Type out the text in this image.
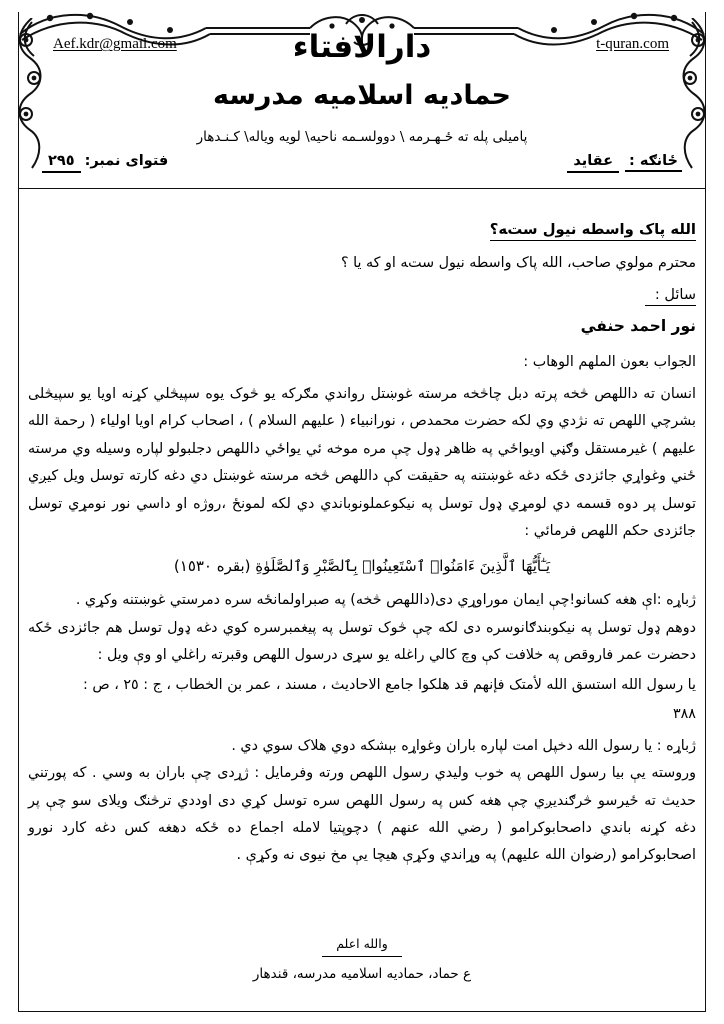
Aef.kdr@gmail.com	t-quran.com
دارالافتاء
حماديه اسلاميه مدرسه
پاميلی پله ته ځـهـرمه \ دوولسـمه ناحيه\ لويه وياله\ كـنـدهار
ځانګه :
عقايد
فتواى نمبر:
٢٩٥
الله پاک واسطه نيول ستﻪ؟
محترم مولوي صاحب، الله پاک واسطه نيول ستﻪ او که يا ؟
سائل :
نور احمد حنفي
الجواب بعون الملهم الوهاب :

انسان ته داللهص څخه پرته دبل چاڅخه مرسته غوښتل رواندي مګرکه يو څوک يوه سپيڅلي کړنه اويا يو سپيڅلى بشرچي اللهص ته نژدي وي لکه حضرت محمدص ، نورانبياء ( عليهم السلام ) ، اصحاب کرام اويا اولياء ( رحمة الله عليهم ) غيرمستقل وګڼي اويواځي په ظاهر ډول چې مره موخه ئي يواځي داللهص دجلبولو لپاره وسيله وي مرسته ځني وغواړي جائزدى ځکه دغه غوښتنه په حقيقت کې داللهص څخه مرسته غوښتل دي دغه کارته توسل ويل کيږي توسل پر دوه قسمه دي لومړي ډول توسل په نيکوعملونوباندي دي لکه لمونځ ،روژه او داسي نور نومړي توسل جائزدى حکم اللهص فرمائي :

يَـٰٓأَيُّهَا ٱلَّذِينَ ءَامَنُوا۟ ٱسْتَعِينُوا۟ بِٱلصَّبْرِ وَٱلصَّلَوٰةِ (بقره ١٥٣٠)

ژباړه :اې هغه کسانو!چې ايمان موراوړي دى(داللهص څخه) په صبراولمانځه سره دمرستي غوښتنه وکړي .

دوهم ډول توسل په نيکوبندګانوسره دى لکه چې څوک توسل په پيغمبرسره کوي دغه ډول توسل هم جائزدى ځکه دحضرت عمر فاروقص په خلافت کې وچ کالي راغله يو سړى درسول اللهص وقبرته راغلي او وې ويل :

يا رسول الله استسق الله لأمتک فإنهم قد هلکوا جامع الاحاديث ، مسند ، عمر بن الخطاب ، ج : ٢٥ ، ص :

٣٨٨

ژباړه : يا رسول الله دخپل امت لپاره باران وغواړه بېشکه دوي هلاک سوي دي .

وروسته يې بيا رسول اللهص په خوب وليدي رسول اللهص ورته وفرمايل : ژړدى چې باران به وسي . که پورتني حديث ته ځيرسو څرګنديږي چې هغه کس په رسول اللهص سره توسل کړي دى اوددي ترڅنګ ويلاى سو چې پر دغه کړنه باندي داصحابوکرامو ( رضي الله عنهم ) دچوپتيا لامله اجماع ده ځکه دهغه کس دغه کارد نورو اصحابوکرامو (رضوان الله عليهم) په وړاندي وکړې هيچا يې مخ نيوى نه وکړې .

والله اعلم
ع حماد، حماديه اسلاميه مدرسه، قندهار
